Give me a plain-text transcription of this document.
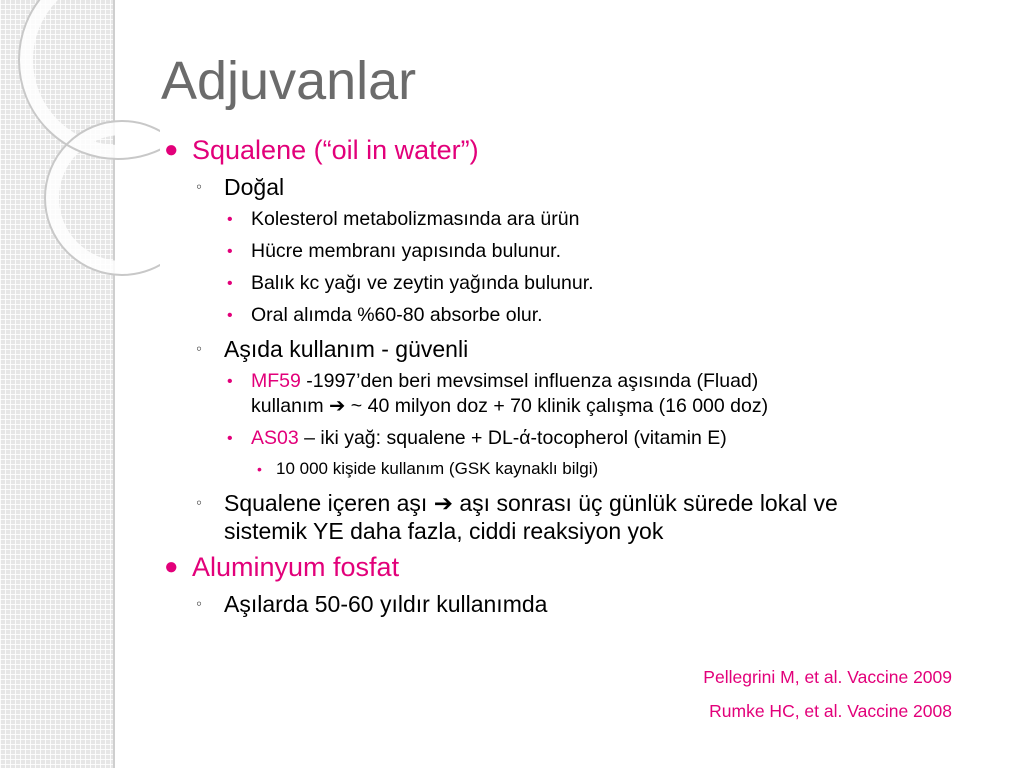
Adjuvanlar
● Squalene (“oil in water”)
◦ Doğal
• Kolesterol metabolizmasında ara ürün
• Hücre membranı yapısında bulunur.
• Balık kc yağı ve zeytin yağında bulunur.
• Oral alımda %60-80 absorbe olur.
◦ Aşıda kullanım - güvenli
• MF59 -1997’den beri mevsimsel influenza aşısında (Fluad)
kullanım ➔ ~ 40 milyon doz + 70 klinik çalışma (16 000 doz)
• AS03 – iki yağ: squalene + DL-ά-tocopherol (vitamin E)
• 10 000 kişide kullanım (GSK kaynaklı bilgi)
◦ Squalene içeren aşı ➔ aşı sonrası üç günlük sürede lokal ve
sistemik YE daha fazla, ciddi reaksiyon yok
● Aluminyum fosfat
◦ Aşılarda 50-60 yıldır kullanımda
Pellegrini M, et al. Vaccine 2009
Rumke HC, et al. Vaccine 2008
